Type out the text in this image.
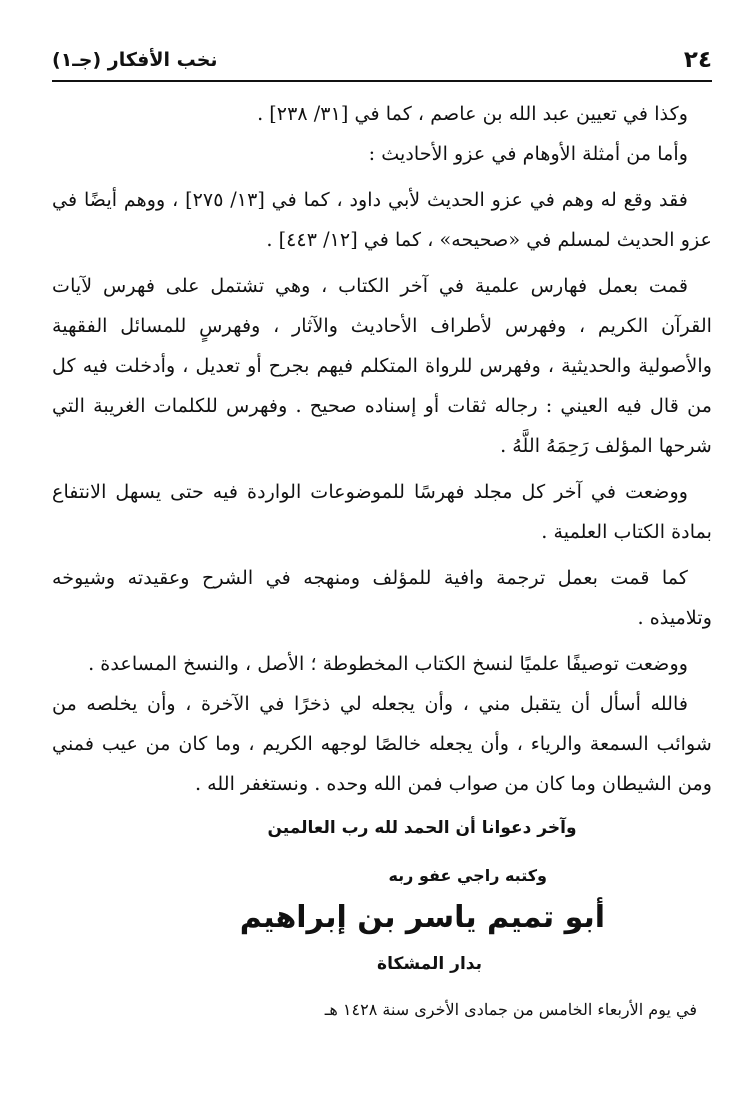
٢٤
نخب الأفكار (جـ١)

وكذا في تعيين عبد الله بن عاصم ، كما في [٣١/ ٢٣٨] .

وأما من أمثلة الأوهام في عزو الأحاديث :

فقد وقع له وهم في عزو الحديث لأبي داود ، كما في [١٣/ ٢٧٥] ، ووهم أيضًا في عزو الحديث لمسلم في «صحيحه» ، كما في [١٢/ ٤٤٣] .

قمت بعمل فهارس علمية في آخر الكتاب ، وهي تشتمل على فهرس لآيات القرآن الكريم ، وفهرس لأطراف الأحاديث والآثار ، وفهرسٍ للمسائل الفقهية والأصولية والحديثية ، وفهرس للرواة المتكلم فيهم بجرح أو تعديل ، وأدخلت فيه كل من قال فيه العيني : رجاله ثقات أو إسناده صحيح . وفهرس للكلمات الغريبة التي شرحها المؤلف رَحِمَهُ اللَّهُ .

ووضعت في آخر كل مجلد فهرسًا للموضوعات الواردة فيه حتى يسهل الانتفاع بمادة الكتاب العلمية .

كما قمت بعمل ترجمة وافية للمؤلف ومنهجه في الشرح وعقيدته وشيوخه وتلاميذه .

ووضعت توصيفًا علميًا لنسخ الكتاب المخطوطة ؛ الأصل ، والنسخ المساعدة .

فالله أسأل أن يتقبل مني ، وأن يجعله لي ذخرًا في الآخرة ، وأن يخلصه من شوائب السمعة والرياء ، وأن يجعله خالصًا لوجهه الكريم ، وما كان من عيب فمني ومن الشيطان وما كان من صواب فمن الله وحده . ونستغفر الله .

وآخر دعوانا أن الحمد لله رب العالمين
وكتبه راجي عفو ربه
أبو تميم ياسر بن إبراهيم
بدار المشكاة
في يوم الأربعاء الخامس من جمادى الأخرى سنة ١٤٢٨ هـ
